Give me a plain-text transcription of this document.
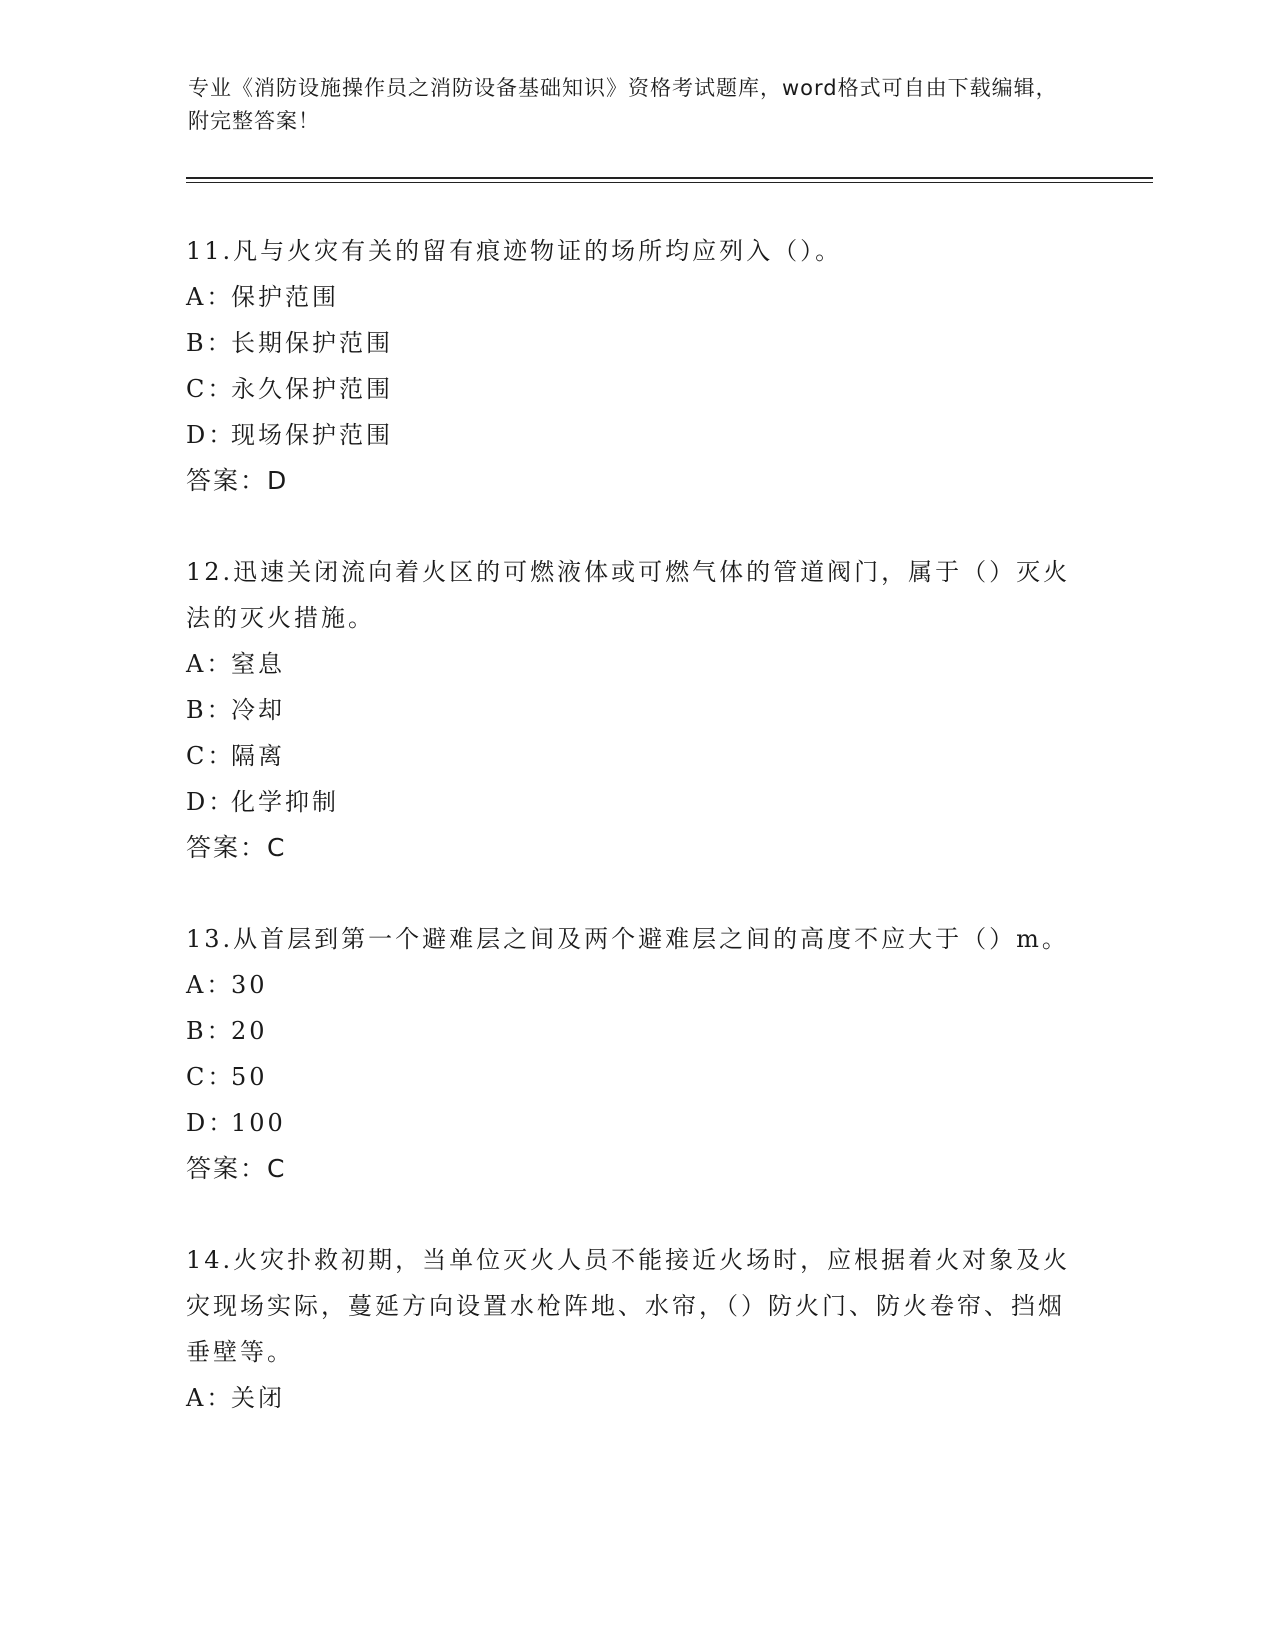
专业《消防设施操作员之消防设备基础知识》资格考试题库，word格式可自由下载编辑，附完整答案！

11.凡与火灾有关的留有痕迹物证的场所均应列入（）。

A：保护范围

B：长期保护范围

C：永久保护范围

D：现场保护范围

答案：D

12.迅速关闭流向着火区的可燃液体或可燃气体的管道阀门，属于（）灭火法的灭火措施。

A：窒息

B：冷却

C：隔离

D：化学抑制

答案：C

13.从首层到第一个避难层之间及两个避难层之间的高度不应大于（）m。

A：30

B：20

C：50

D：100

答案：C

14.火灾扑救初期，当单位灭火人员不能接近火场时，应根据着火对象及火灾现场实际，蔓延方向设置水枪阵地、水帘，（）防火门、防火卷帘、挡烟垂壁等。

A：关闭
